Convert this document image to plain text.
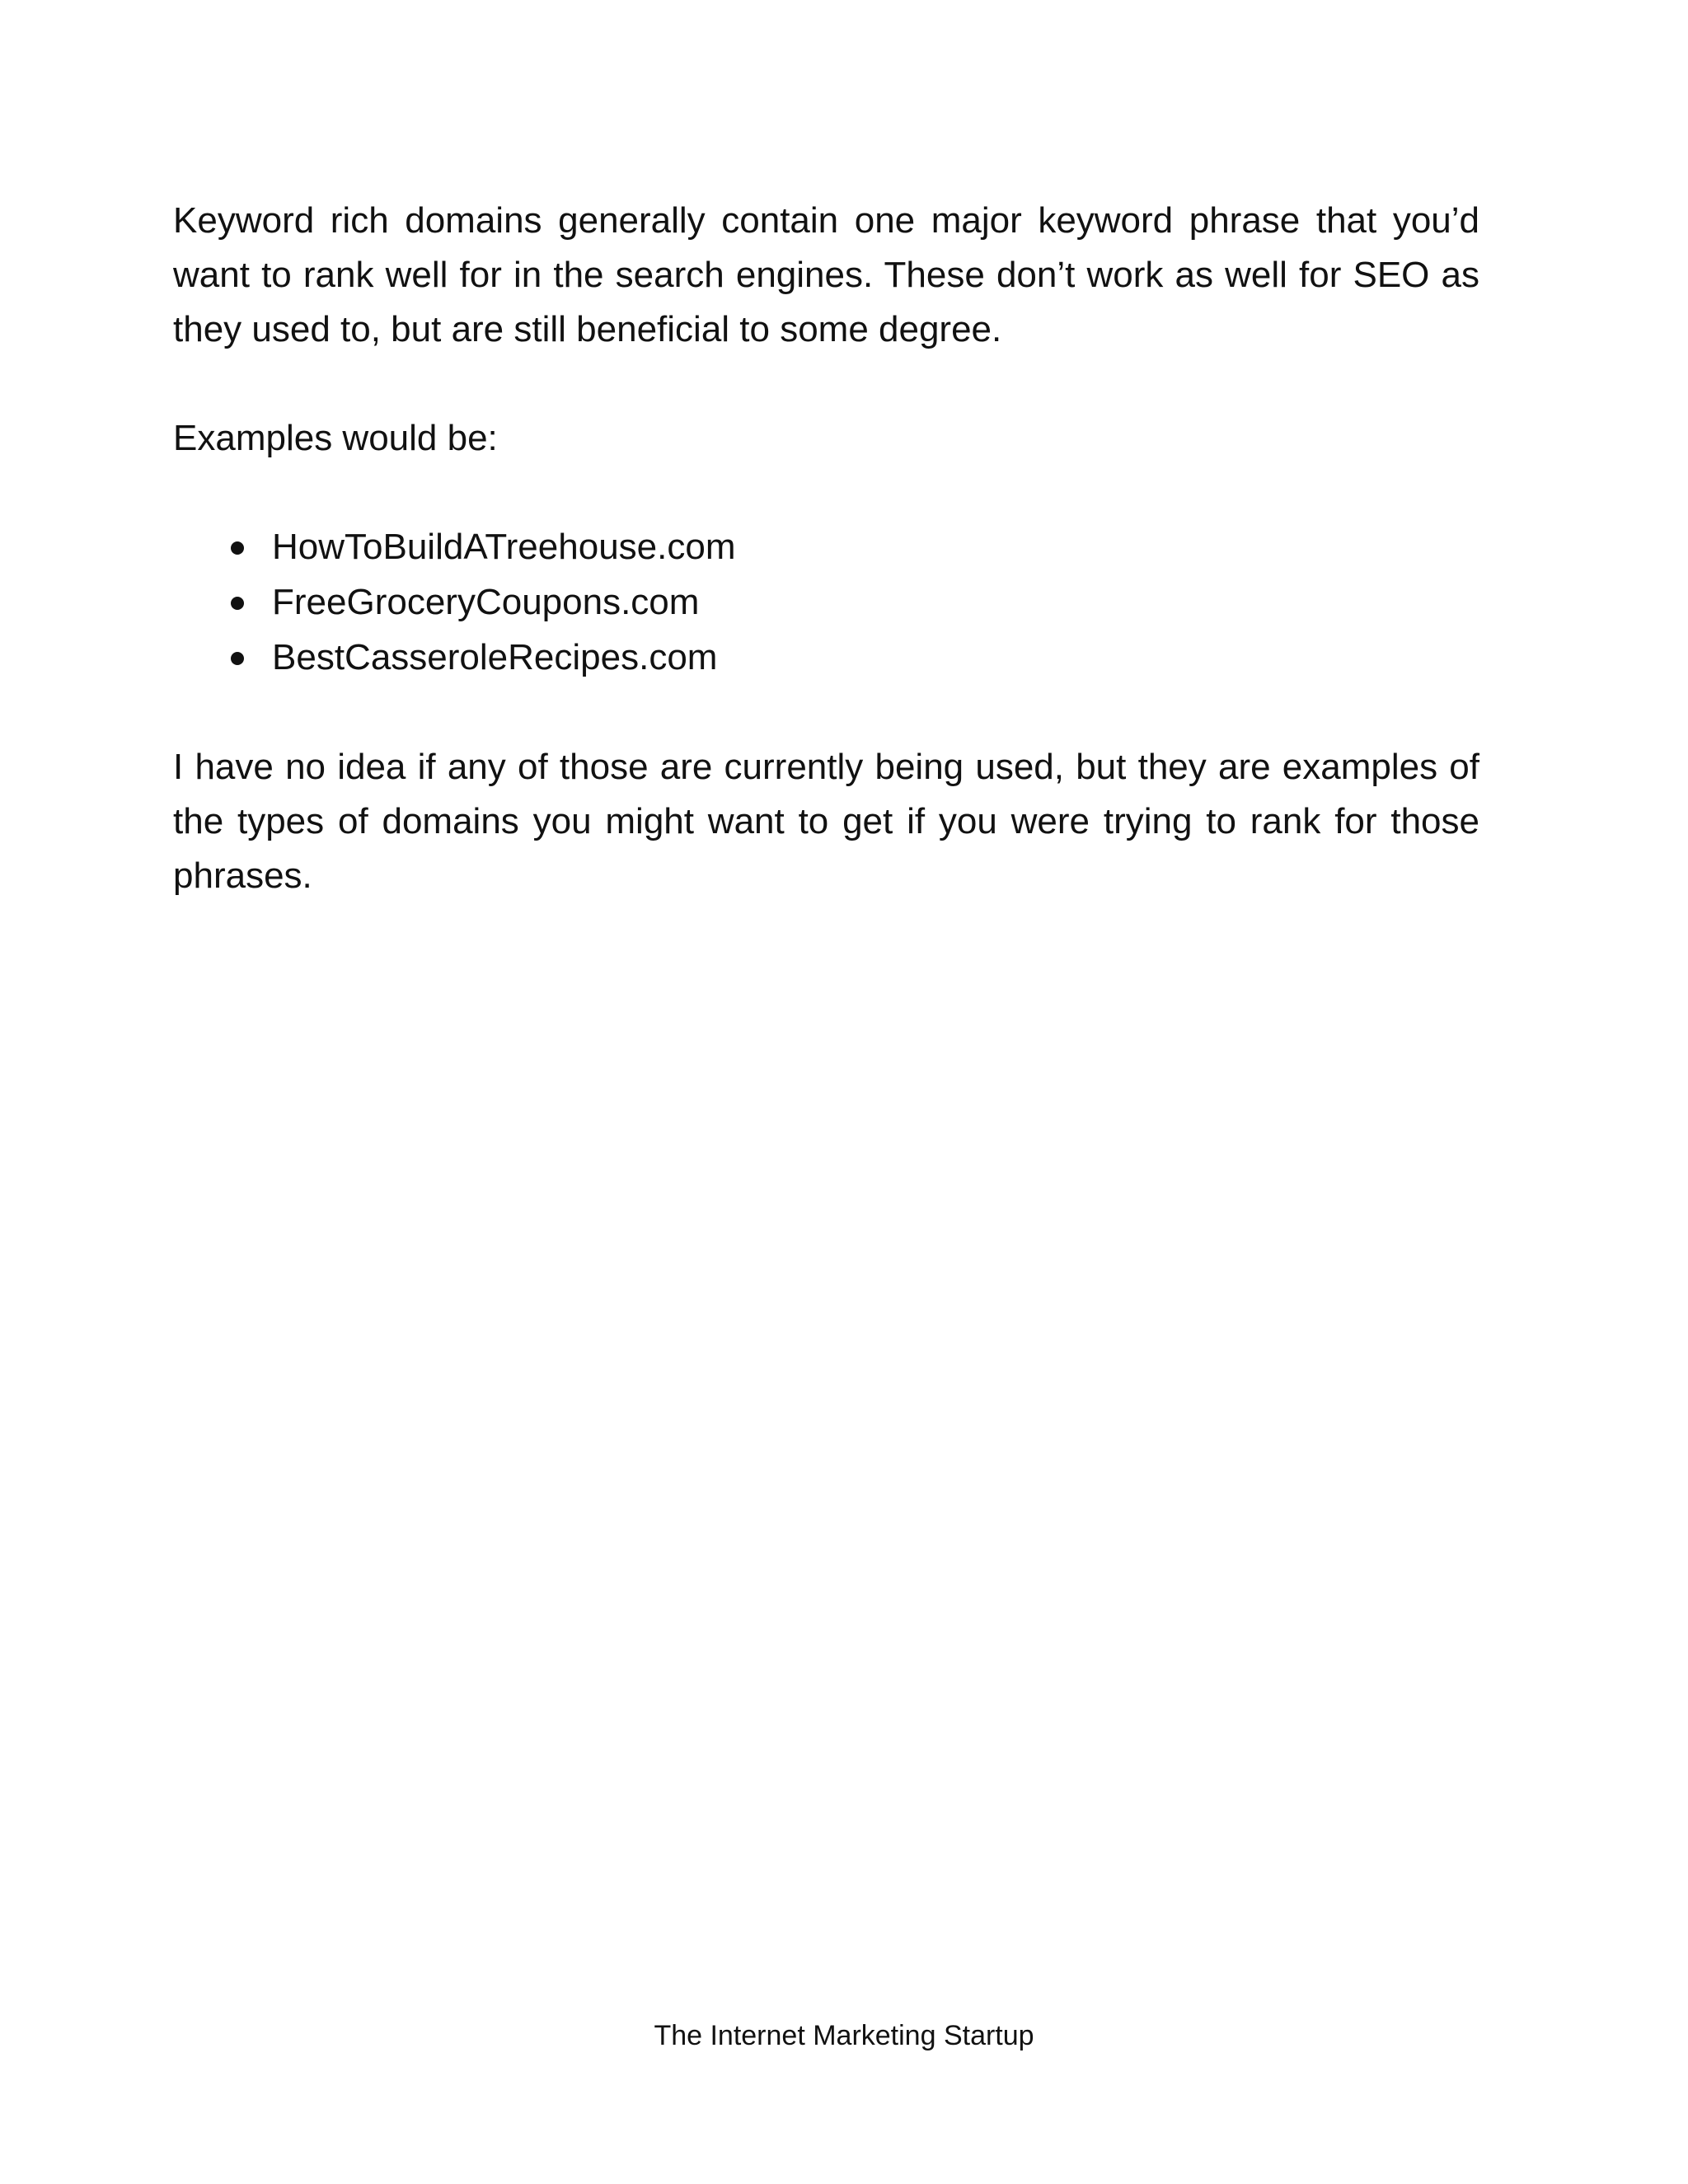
Keyword rich domains generally contain one major keyword phrase that you’d want to rank well for in the search engines. These don’t work as well for SEO as they used to, but are still beneficial to some degree.

Examples would be:

HowToBuildATreehouse.com
FreeGroceryCoupons.com
BestCasseroleRecipes.com

I have no idea if any of those are currently being used, but they are examples of the types of domains you might want to get if you were trying to rank for those phrases.

The Internet Marketing Startup
